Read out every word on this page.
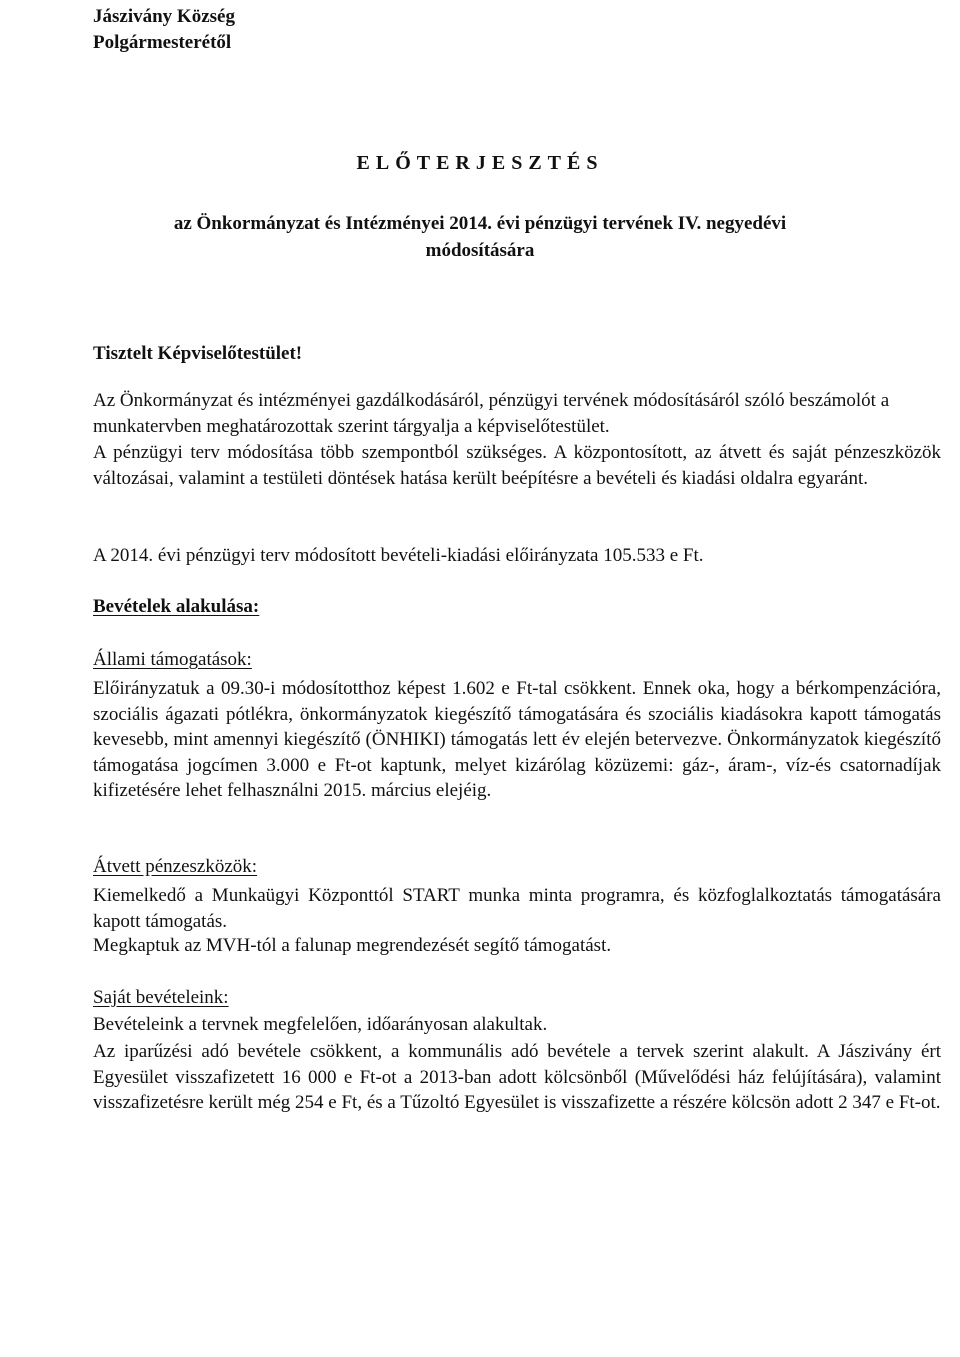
Jászivány Község
Polgármesterétől
ELŐTERJESZTÉS
az Önkormányzat és Intézményei 2014. évi pénzügyi tervének IV. negyedévi módosítására
Tisztelt Képviselőtestület!

Az Önkormányzat és intézményei gazdálkodásáról, pénzügyi tervének módosításáról szóló beszámolót a munkatervben meghatározottak szerint tárgyalja a képviselőtestület.

A pénzügyi terv módosítása több szempontból szükséges. A központosított, az átvett és saját pénzeszközök változásai, valamint a testületi döntések hatása került beépítésre a bevételi és kiadási oldalra egyaránt.

A 2014. évi pénzügyi terv módosított bevételi-kiadási előirányzata 105.533 e Ft.

Bevételek alakulása:
Állami támogatások:

Előirányzatuk a 09.30-i módosítotthoz képest 1.602 e Ft-tal csökkent. Ennek oka, hogy a bérkompenzációra, szociális ágazati pótlékra, önkormányzatok kiegészítő támogatására és szociális kiadásokra kapott támogatás kevesebb, mint amennyi kiegészítő (ÖNHIKI) támogatás lett év elején betervezve. Önkormányzatok kiegészítő támogatása jogcímen 3.000 e Ft-ot kaptunk, melyet kizárólag közüzemi: gáz-, áram-, víz-és csatornadíjak kifizetésére lehet felhasználni 2015. március elejéig.

Átvett pénzeszközök:

Kiemelkedő a Munkaügyi Központtól START munka minta programra, és közfoglalkoztatás támogatására kapott támogatás.

Megkaptuk az MVH-tól a falunap megrendezését segítő támogatást.

Saját bevételeink:

Bevételeink a tervnek megfelelően, időarányosan alakultak.

Az iparűzési adó bevétele csökkent, a kommunális adó bevétele a tervek szerint alakult. A Jászivány ért Egyesület visszafizetett 16 000 e Ft-ot a 2013-ban adott kölcsönből (Művelődési ház felújítására), valamint visszafizetésre került még 254 e Ft, és a Tűzoltó Egyesület is visszafizette a részére kölcsön adott 2 347 e Ft-ot.
